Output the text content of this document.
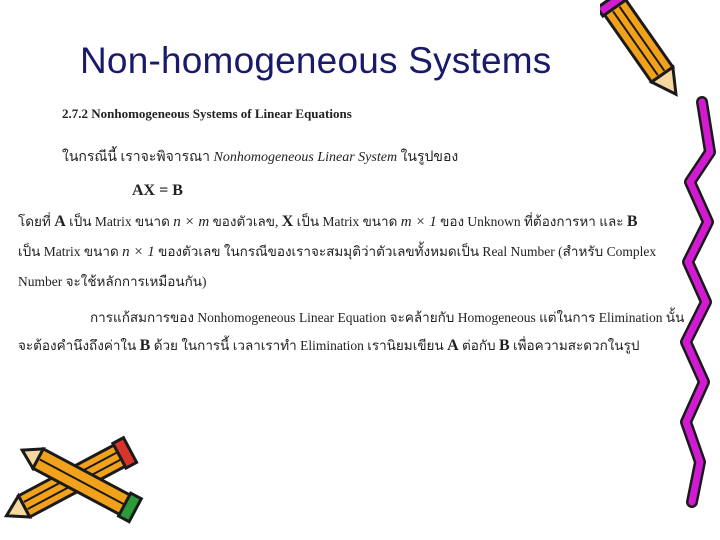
Non-homogeneous Systems
2.7.2 Nonhomogeneous Systems of Linear Equations
ในกรณีนี้ เราจะพิจารณา Nonhomogeneous Linear System ในรูปของ
AX = B
โดยที่ A เป็น Matrix ขนาด n × m ของตัวเลข, X เป็น Matrix ขนาด m × 1 ของ Unknown ที่ต้องการหา และ B
เป็น Matrix ขนาด n × 1 ของตัวเลข ในกรณีของเราจะสมมุติว่าตัวเลขทั้งหมดเป็น Real Number (สำหรับ Complex
Number จะใช้หลักการเหมือนกัน)
การแก้สมการของ Nonhomogeneous Linear Equation จะคล้ายกับ Homogeneous แต่ในการ Elimination นั้น
จะต้องคำนึงถึงค่าใน B ด้วย ในการนี้ เวลาเราทำ Elimination เรานิยมเขียน A ต่อกับ B เพื่อความสะดวกในรูป
